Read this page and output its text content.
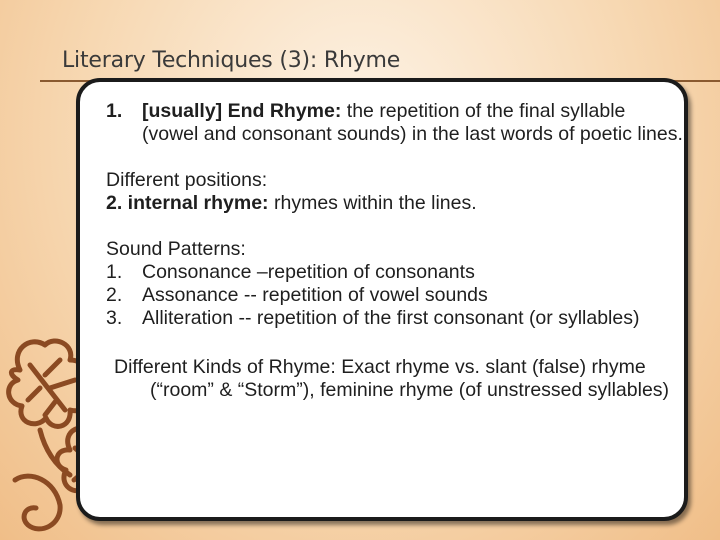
Literary Techniques (3): Rhyme
1.	[usually] End Rhyme: the repetition of the final syllable (vowel and consonant sounds) in the last words of poetic lines.
Different positions:
2. internal rhyme: rhymes within the lines.
Sound Patterns:
1.	Consonance –repetition of consonants
2.	Assonance -- repetition of vowel sounds
3.	Alliteration -- repetition of the first consonant (or syllables)
Different Kinds of Rhyme: Exact rhyme vs. slant (false) rhyme (“room” & “Storm”), feminine rhyme (of unstressed syllables)
